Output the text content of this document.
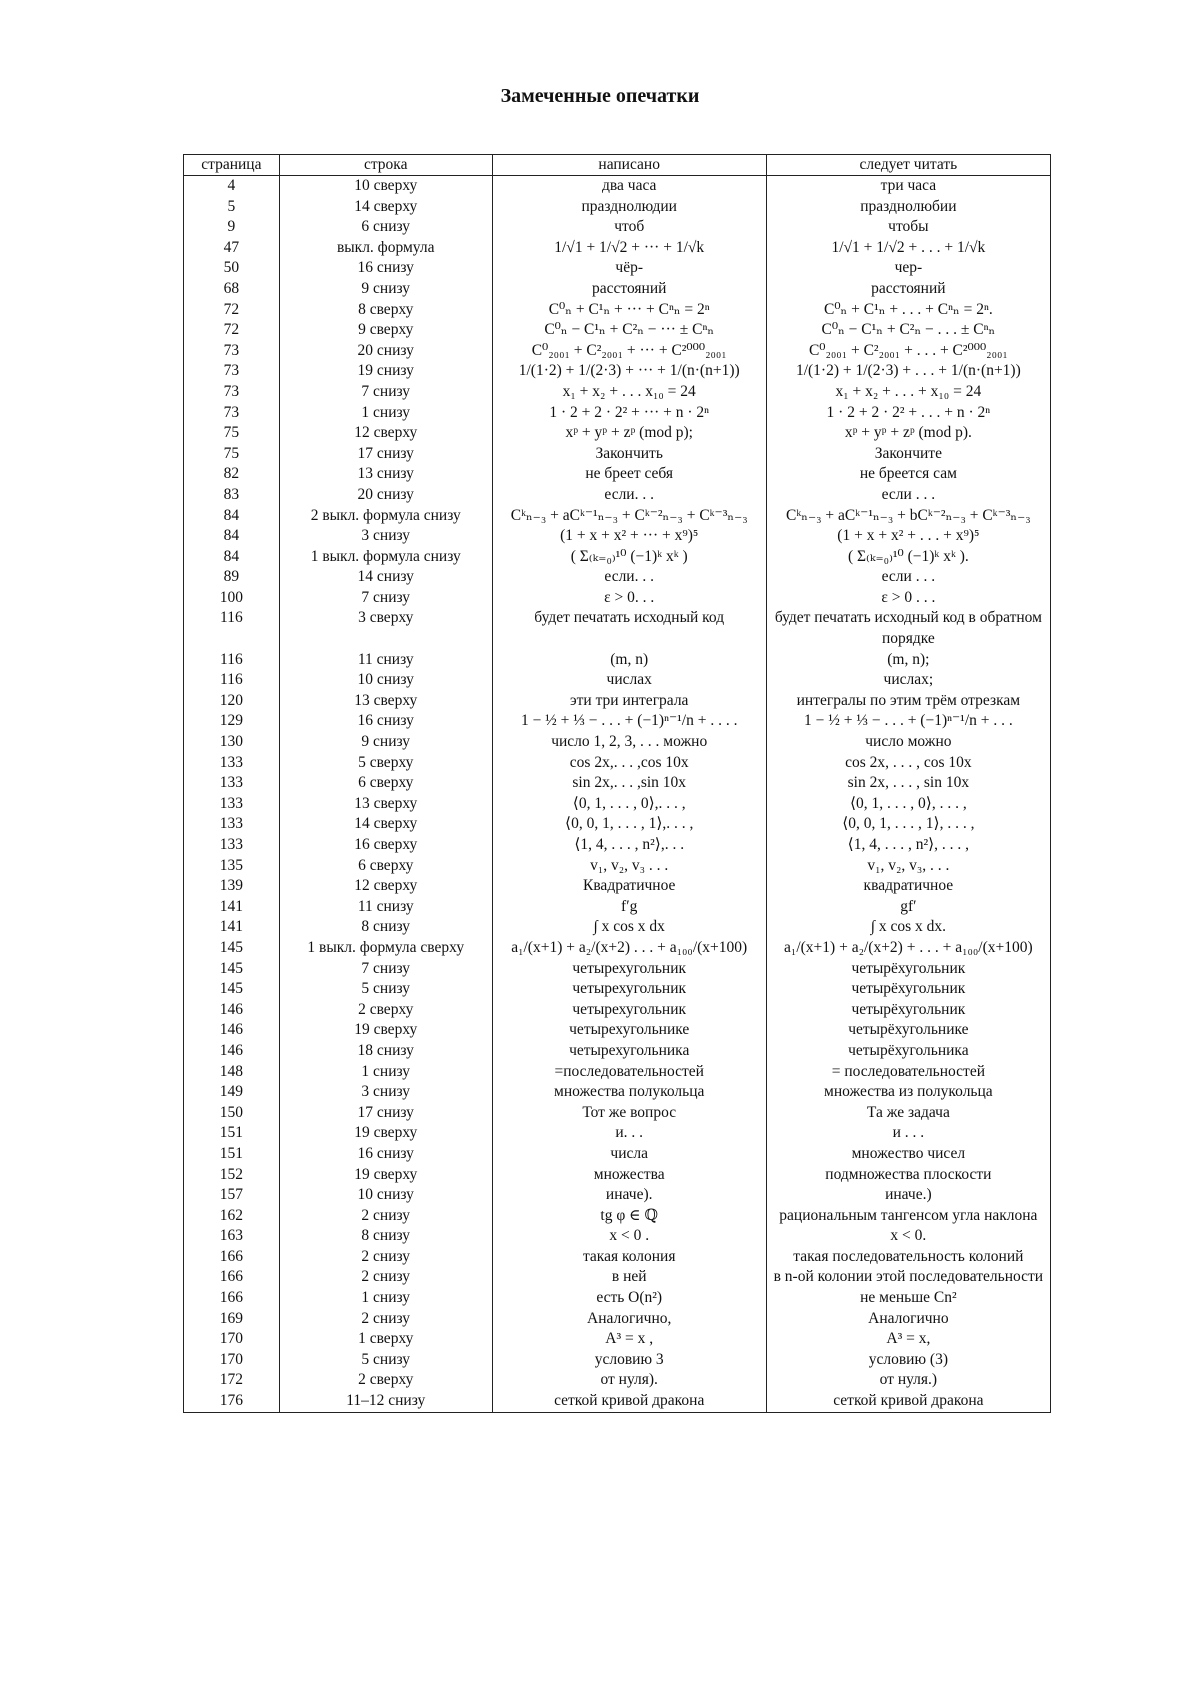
Замеченные опечатки
страница	строка	написано	следует читать
4	10 сверху	два часа	три часа
5	14 сверху	празднолюдии	празднолюбии
9	6 снизу	чтоб	чтобы
47	выкл. формула	1/√1 + 1/√2 + ··· + 1/√k	1/√1 + 1/√2 + . . . + 1/√k
50	16 снизу	чёр-	чер-
68	9 снизу	расстояний	расстояний
72	8 сверху	C⁰ₙ + C¹ₙ + ··· + Cⁿₙ = 2ⁿ	C⁰ₙ + C¹ₙ + . . . + Cⁿₙ = 2ⁿ.
72	9 сверху	C⁰ₙ − C¹ₙ + C²ₙ − ··· ± Cⁿₙ	C⁰ₙ − C¹ₙ + C²ₙ − . . . ± Cⁿₙ
73	20 снизу	C⁰₂₀₀₁ + C²₂₀₀₁ + ··· + C²⁰⁰⁰₂₀₀₁	C⁰₂₀₀₁ + C²₂₀₀₁ + . . . + C²⁰⁰⁰₂₀₀₁
73	19 снизу	1/(1·2) + 1/(2·3) + ··· + 1/(n·(n+1))	1/(1·2) + 1/(2·3) + . . . + 1/(n·(n+1))
73	7 снизу	x₁ + x₂ + . . . x₁₀ = 24	x₁ + x₂ + . . . + x₁₀ = 24
73	1 снизу	1 · 2 + 2 · 2² + ··· + n · 2ⁿ	1 · 2 + 2 · 2² + . . . + n · 2ⁿ
75	12 сверху	xᵖ + yᵖ + zᵖ (mod p);	xᵖ + yᵖ + zᵖ (mod p).
75	17 снизу	Закончить	Закончите
82	13 снизу	не бреет себя	не бреется сам
83	20 снизу	если. . .	если . . .
84	2 выкл. формула снизу	Cᵏₙ₋₃ + aCᵏ⁻¹ₙ₋₃ + Cᵏ⁻²ₙ₋₃ + Cᵏ⁻³ₙ₋₃	Cᵏₙ₋₃ + aCᵏ⁻¹ₙ₋₃ + bCᵏ⁻²ₙ₋₃ + Cᵏ⁻³ₙ₋₃
84	3 снизу	(1 + x + x² + ··· + x⁹)⁵	(1 + x + x² + . . . + x⁹)⁵
84	1 выкл. формула снизу	( Σ₍ₖ₌₀₎¹⁰ (−1)ᵏ xᵏ )	( Σ₍ₖ₌₀₎¹⁰ (−1)ᵏ xᵏ ).
89	14 снизу	если. . .	если . . .
100	7 снизу	ε > 0. . .	ε > 0 . . .
116	3 сверху	будет печатать исходный код	будет печатать исходный код в обратном порядке
116	11 снизу	(m, n)	(m, n);
116	10 снизу	числах	числах;
120	13 сверху	эти три интеграла	интегралы по этим трём отрезкам
129	16 снизу	1 − ½ + ⅓ − . . . + (−1)ⁿ⁻¹/n + . . . .	1 − ½ + ⅓ − . . . + (−1)ⁿ⁻¹/n + . . .
130	9 снизу	число 1, 2, 3, . . . можно	число можно
133	5 сверху	cos 2x,. . . ,cos 10x	cos 2x, . . . , cos 10x
133	6 сверху	sin 2x,. . . ,sin 10x	sin 2x, . . . , sin 10x
133	13 сверху	⟨0, 1, . . . , 0⟩,. . . ,	⟨0, 1, . . . , 0⟩, . . . ,
133	14 сверху	⟨0, 0, 1, . . . , 1⟩,. . . ,	⟨0, 0, 1, . . . , 1⟩, . . . ,
133	16 сверху	⟨1, 4, . . . , n²⟩,. . .	⟨1, 4, . . . , n²⟩, . . . ,
135	6 сверху	v₁, v₂, v₃ . . .	v₁, v₂, v₃, . . .
139	12 сверху	Квадратичное	квадратичное
141	11 снизу	f′g	gf′
141	8 снизу	∫ x cos x dx	∫ x cos x dx.
145	1 выкл. формула сверху	a₁/(x+1) + a₂/(x+2) . . . + a₁₀₀/(x+100)	a₁/(x+1) + a₂/(x+2) + . . . + a₁₀₀/(x+100)
145	7 снизу	четырехугольник	четырёхугольник
145	5 снизу	четырехугольник	четырёхугольник
146	2 сверху	четырехугольник	четырёхугольник
146	19 сверху	четырехугольнике	четырёхугольнике
146	18 снизу	четырехугольника	четырёхугольника
148	1 снизу	=последовательностей	= последовательностей
149	3 снизу	множества полукольца	множества из полукольца
150	17 снизу	Тот же вопрос	Та же задача
151	19 сверху	и. . .	и . . .
151	16 снизу	числа	множество чисел
152	19 сверху	множества	подмножества плоскости
157	10 снизу	иначе).	иначе.)
162	2 снизу	tg φ ∈ ℚ	рациональным тангенсом угла наклона
163	8 снизу	x < 0 .	x < 0.
166	2 снизу	такая колония	такая последовательность колоний
166	2 снизу	в ней	в n-ой колонии этой последовательности
166	1 снизу	есть O(n²)	не меньше Cn²
169	2 снизу	Аналогично,	Аналогично
170	1 сверху	A³ = x ,	A³ = x,
170	5 снизу	условию 3	условию (3)
172	2 сверху	от нуля).	от нуля.)
176	11–12 снизу	сеткой кривой дракона	сеткой кривой дракона
